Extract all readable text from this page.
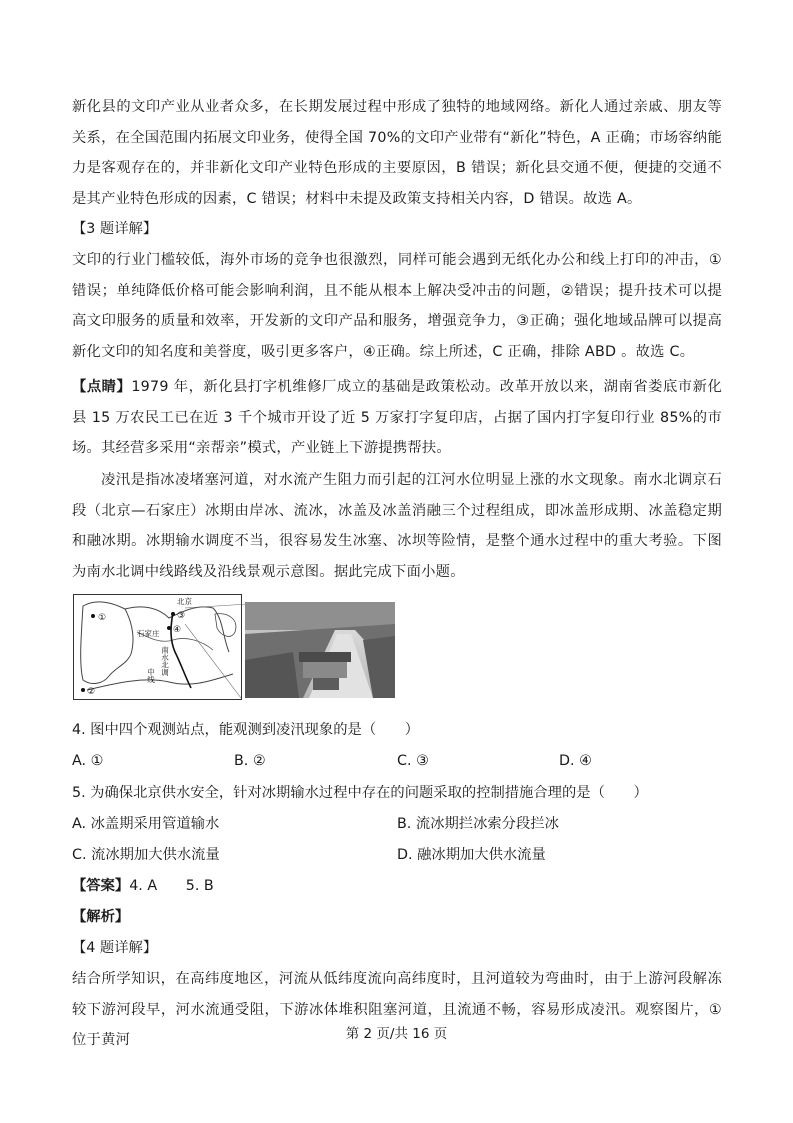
新化县的文印产业从业者众多，在长期发展过程中形成了独特的地域网络。新化人通过亲戚、朋友等关系，在全国范围内拓展文印业务，使得全国 70%的文印产业带有“新化”特色，A 正确；市场容纳能力是客观存在的，并非新化文印产业特色形成的主要原因，B 错误；新化县交通不便，便捷的交通不是其产业特色形成的因素，C 错误；材料中未提及政策支持相关内容，D 错误。故选 A。

【3 题详解】

文印的行业门槛较低，海外市场的竞争也很激烈，同样可能会遇到无纸化办公和线上打印的冲击，①错误；单纯降低价格可能会影响利润，且不能从根本上解决受冲击的问题，②错误；提升技术可以提高文印服务的质量和效率，开发新的文印产品和服务，增强竞争力，③正确；强化地域品牌可以提高新化文印的知名度和美誉度，吸引更多客户，④正确。综上所述，C 正确，排除 ABD 。故选 C。

【点睛】1979 年，新化县打字机维修厂成立的基础是政策松动。改革开放以来，湖南省娄底市新化县 15 万农民工已在近 3 千个城市开设了近 5 万家打字复印店，占据了国内打字复印行业 85%的市场。其经营多采用“亲帮亲”模式，产业链上下游提携帮扶。

凌汛是指冰凌堵塞河道，对水流产生阻力而引起的江河水位明显上涨的水文现象。南水北调京石段（北京—石家庄）冰期由岸冰、流冰，冰盖及冰盖消融三个过程组成，即冰盖形成期、冰盖稳定期和融冰期。冰期输水调度不当，很容易发生冰塞、冰坝等险情，是整个通水过程中的重大考验。下图为南水北调中线路线及沿线景观示意图。据此完成下面小题。

①
②
③
④
北京
石家庄
南水北调
中线
4. 图中四个观测站点，能观测到凌汛现象的是（　　）
A. ①	B. ②	C. ③	D. ④
5. 为确保北京供水安全，针对冰期输水过程中存在的问题采取的控制措施合理的是（　　）
A. 冰盖期采用管道输水	B. 流冰期拦冰索分段拦冰
C. 流冰期加大供水流量	D. 融冰期加大供水流量
【答案】4. A　　5. B
【解析】
【4 题详解】

结合所学知识，在高纬度地区，河流从低纬度流向高纬度时，且河道较为弯曲时，由于上游河段解冻较下游河段早，河水流通受阻，下游冰体堆积阻塞河道，且流通不畅，容易形成凌汛。观察图片，①位于黄河	第 2 页/共 16 页
